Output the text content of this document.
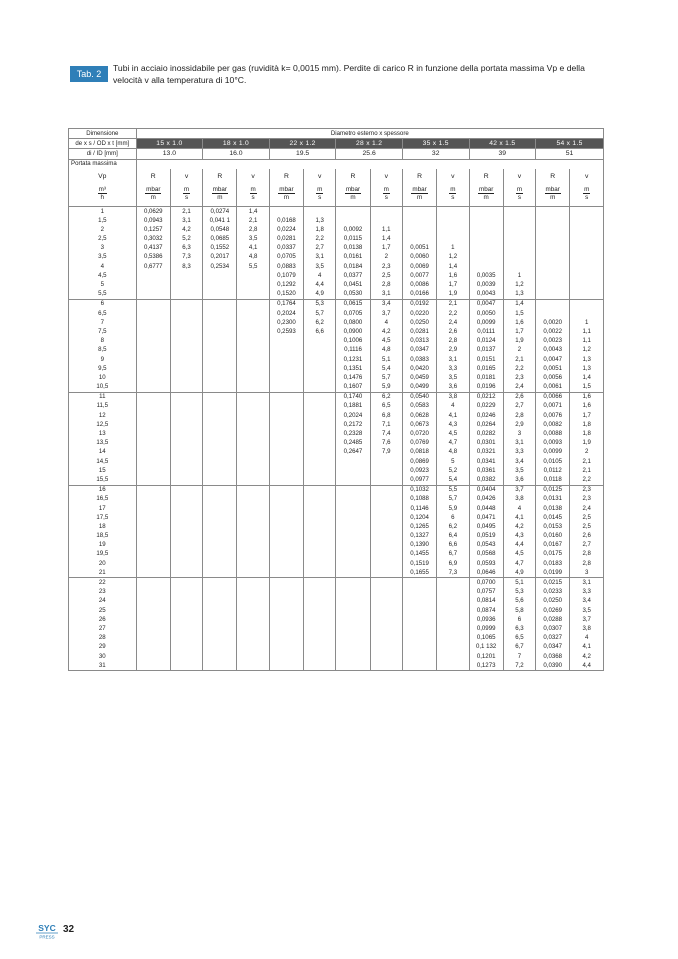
Tab. 2
Tubi in acciaio inossidabile per gas (ruvidità k= 0,0015 mm). Perdite di carico R in funzione della portata massima Vp e della velocità v alla temperatura di 10°C.
Dimensione	Diametro esterno x spessore													
de x s / OD x t [mm]	15 x 1.0		18 x 1.0		22 x 1.2		28 x 1.2		35 x 1.5		42 x 1.5		54 x 1.5	
di / ID [mm]	13.0		16.0		19.5		25.6		32		39		51	
Portata massima														
Vp	R	v	R	v	R	v	R	v	R	v	R	v	R	v

$\frac{\text{m³}}{h}$	$\frac{\text{mbar}}{m}$	$\frac{m}{s}$	$\frac{\text{mbar}}{m}$	$\frac{m}{s}$	$\frac{\text{mbar}}{m}$	$\frac{m}{s}$	$\frac{\text{mbar}}{m}$	$\frac{m}{s}$	$\frac{\text{mbar}}{m}$	$\frac{m}{s}$	$\frac{\text{mbar}}{m}$	$\frac{m}{s}$	$\frac{\text{mbar}}{m}$	$\frac{m}{s}$

1	0,0629	2,1	0,0274	1,4										
1,5	0,0943	3,1	0,041 1	2,1	0,0168	1,3								
2	0,1257	4,2	0,0548	2,8	0,0224	1,8	0,0092	1,1						
2,5	0,3032	5,2	0,0685	3,5	0,0281	2,2	0,0115	1,4						
3	0,4137	6,3	0,1552	4,1	0,0337	2,7	0,0138	1,7	0,0051	1				
3,5	0,5386	7,3	0,2017	4,8	0,0705	3,1	0,0161	2	0,0060	1,2				
4	0,6777	8,3	0,2534	5,5	0,0883	3,5	0,0184	2,3	0,0069	1,4				
4,5					0,1079	4	0,0377	2,5	0,0077	1,6	0,0035	1		
5					0,1292	4,4	0,0451	2,8	0,0086	1,7	0,0039	1,2		
5,5					0,1520	4,9	0,0530	3,1	0,0166	1,9	0,0043	1,3		
6					0,1764	5,3	0,0615	3,4	0,0192	2,1	0,0047	1,4		
6,5					0,2024	5,7	0,0705	3,7	0,0220	2,2	0,0050	1,5		
7					0,2300	6,2	0,0800	4	0,0250	2,4	0,0099	1,6	0,0020	1
7,5					0,2593	6,6	0,0900	4,2	0,0281	2,6	0,0111	1,7	0,0022	1,1
8							0,1006	4,5	0,0313	2,8	0,0124	1,9	0,0023	1,1
8,5							0,1116	4,8	0,0347	2,9	0,0137	2	0,0043	1,2
9							0,1231	5,1	0,0383	3,1	0,0151	2,1	0,0047	1,3
9,5							0,1351	5,4	0,0420	3,3	0,0165	2,2	0,0051	1,3
10							0,1476	5,7	0,0459	3,5	0,0181	2,3	0,0056	1,4
10,5							0,1607	5,9	0,0499	3,6	0,0196	2,4	0,0061	1,5
11							0,1740	6,2	0,0540	3,8	0,0212	2,6	0,0066	1,6
11,5							0,1881	6,5	0,0583	4	0,0229	2,7	0,0071	1,6
12							0,2024	6,8	0,0628	4,1	0,0246	2,8	0,0076	1,7
12,5							0,2172	7,1	0,0673	4,3	0,0264	2,9	0,0082	1,8
13							0,2328	7,4	0,0720	4,5	0,0282	3	0,0088	1,8
13,5							0,2485	7,6	0,0769	4,7	0,0301	3,1	0,0093	1,9
14							0,2647	7,9	0,0818	4,8	0,0321	3,3	0,0099	2
14,5									0,0869	5	0,0341	3,4	0,0105	2,1
15									0,0923	5,2	0,0361	3,5	0,0112	2,1
15,5									0,0977	5,4	0,0382	3,6	0,0118	2,2
16									0,1032	5,5	0,0404	3,7	0,0125	2,3
16,5									0,1088	5,7	0,0426	3,8	0,0131	2,3
17									0,1146	5,9	0,0448	4	0,0138	2,4
17,5									0,1204	6	0,0471	4,1	0,0145	2,5
18									0,1265	6,2	0,0495	4,2	0,0153	2,5
18,5									0,1327	6,4	0,0519	4,3	0,0160	2,6
19									0,1390	6,6	0,0543	4,4	0,0167	2,7
19,5									0,1455	6,7	0,0568	4,5	0,0175	2,8
20									0,1519	6,9	0,0593	4,7	0,0183	2,8
21									0,1655	7,3	0,0646	4,9	0,0199	3
22											0,0700	5,1	0,0215	3,1
23											0,0757	5,3	0,0233	3,3
24											0,0814	5,6	0,0250	3,4
25											0,0874	5,8	0,0269	3,5
26											0,0936	6	0,0288	3,7
27											0,0999	6,3	0,0307	3,8
28											0,1065	6,5	0,0327	4
29											0,1 132	6,7	0,0347	4,1
30											0,1201	7	0,0368	4,2
31											0,1273	7,2	0,0390	4,4
SYC
PRESS
32
